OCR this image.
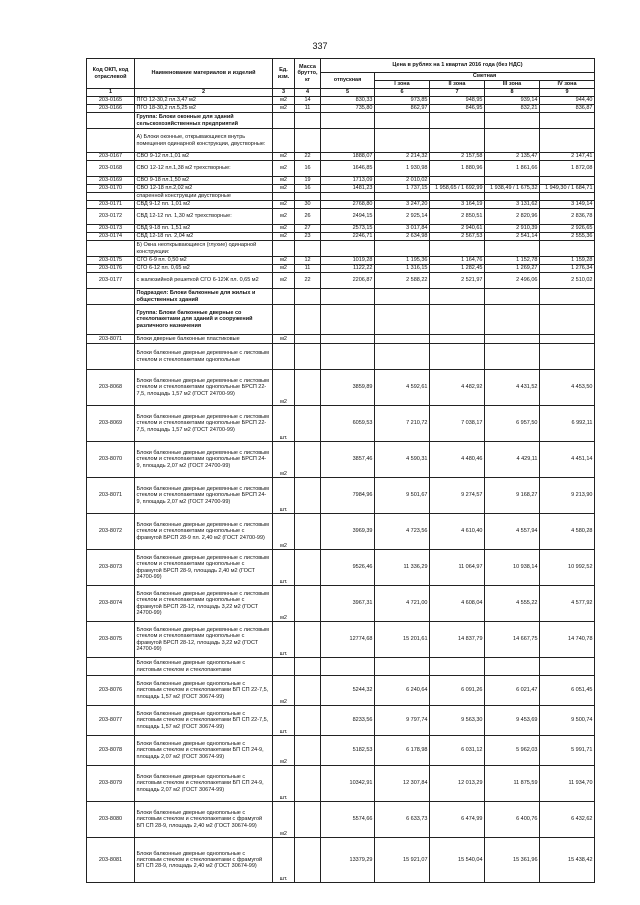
337
Код ОКП, код отраслевой	Наименование материалов и изделий	Ед. изм.	Масса брутто, кг	Цена в рублях на 1 квартал 2016 года (без НДС)				
				отпускная	Сметная			
					I зона	II зона	III зона	IV зона
1	2	3	4	5	6	7	8	9
203-0165	ПГО 12-30,2 пл.3,47 м2	м2	14	830,33	973,85	948,95	939,14	944,40
203-0166	ПГО 18-30,2 пл.5,25 м2	м2	11	735,80	862,97	846,95	832,21	836,87
	Группа: Блоки оконные для зданий сельскохозяйственных предприятий							
	А) Блоки оконные, открывающиеся внутрь помещения одинарной конструкции, двустворные:							
203-0167	СВО 9-12 пл.1,01 м2	м2	22	1888,07	2 214,32	2 157,58	2 135,47	2 147,41
203-0168	СВО 12-12 пл.1,38 м2 трехстворные:	м2	16	1646,85	1 930,98	1 880,96	1 861,66	1 872,08
203-0169	СВО 9-18 пл.1,50 м2	м2	19	1713,09	2 010,02			
203-0170	СВО 12-18 пл.2,02 м2	м2	16	1481,23	1 737,15	1 958,65 / 1 692,99	1 938,49 / 1 675,32	1 949,30 / 1 684,71
	спаренной конструкции двустворные							
203-0171	СВД 9-12 пл. 1,01 м2	м2	30	2768,80	3 247,20	3 164,19	3 131,62	3 149,14
203-0172	СВД 12-12 пл. 1,30 м2 трехстворные:	м2	26	2494,15	2 925,14	2 850,51	2 820,96	2 836,78
203-0173	СВД 9-18 пл. 1,51 м2	м2	27	2573,15	3 017,84	2 940,61	2 910,39	2 926,65
203-0174	СВД 12-18 пл. 2,04 м2	м2	23	2246,71	2 634,98	2 567,53	2 541,14	2 555,36
	Б) Окна неоткрывающиеся (глухие) одинарной конструкции:							
203-0175	СГО 6-9 пл. 0,50 м2	м2	12	1019,28	1 195,36	1 164,76	1 152,78	1 159,28
203-0176	СГО 6-12 пл. 0,65 м2	м2	11	1122,22	1 316,15	1 282,45	1 269,27	1 276,34
203-0177	с жалюзийной решеткой СГО 6-12Ж пл. 0,65 м2	м2	22	2206,87	2 588,22	2 521,97	2 496,06	2 510,02
	Подраздел: Блоки балконные для жилых и общественных зданий							
	Группа: Блоки балконные дверные со стеклопакетами для зданий и сооружений различного назначения							
203-8071	Блоки дверные балконные пластиковые	м2						
	Блоки балконные дверные деревянные с листовым стеклом и стеклопакетами однопольные							
203-8068	Блоки балконные дверные деревянные с листовым стеклом и стеклопакетами однопольные БРСП 22-7,5, площадь 1,57 м2 (ГОСТ 24700-99)	м2		3859,89	4 592,61	4 482,92	4 431,52	4 453,50
203-8069	Блоки балконные дверные деревянные с листовым стеклом и стеклопакетами однопольные БРСП 22-7,5, площадь 1,57 м2 (ГОСТ 24700-99)	шт.		6059,53	7 210,72	7 038,17	6 957,50	6 992,11
203-8070	Блоки балконные дверные деревянные с листовым стеклом и стеклопакетами однопольные БРСП 24-9, площадь 2,07 м2 (ГОСТ 24700-99)	м2		3857,46	4 590,31	4 480,46	4 429,11	4 451,14
203-8071	Блоки балконные дверные деревянные с листовым стеклом и стеклопакетами однопольные БРСП 24-9, площадь 2,07 м2 (ГОСТ 24700-99)	шт.		7984,96	9 501,67	9 274,57	9 168,27	9 213,90
203-8072	Блоки балконные дверные деревянные с листовым стеклом и стеклопакетами однопольные с фрамугой БРСП 28-9 пл. 2,40 м2 (ГОСТ 24700-99)	м2		3969,39	4 723,56	4 610,40	4 557,94	4 580,28
203-8073	Блоки балконные дверные деревянные с листовым стеклом и стеклопакетами однопольные с фрамугой БРСП 28-9, площадь 2,40 м2 (ГОСТ 24700-99)	шт.		9526,46	11 336,29	11 064,97	10 938,14	10 992,52
203-8074	Блоки балконные дверные деревянные с листовым стеклом и стеклопакетами однопольные с фрамугой БРСП 28-12, площадь 3,22 м2 (ГОСТ 24700-99)	м2		3967,31	4 721,00	4 608,04	4 555,22	4 577,92
203-8075	Блоки балконные дверные деревянные с листовым стеклом и стеклопакетами однопольные с фрамугой БРСП 28-12, площадь 3,22 м2 (ГОСТ 24700-99)	шт.		12774,68	15 201,61	14 837,79	14 667,75	14 740,78
	Блоки балконные дверные однопольные с листовым стеклом и стеклопакетами							
203-8076	Блоки балконные дверные однопольные с листовым стеклом и стеклопакетами БП СП 22-7,5, площадь 1,57 м2 (ГОСТ 30674-99)	м2		5244,32	6 240,64	6 091,26	6 021,47	6 051,45
203-8077	Блоки балконные дверные однопольные с листовым стеклом и стеклопакетами БП СП 22-7,5, площадь 1,57 м2 (ГОСТ 30674-99)	шт.		8233,56	9 797,74	9 563,30	9 453,69	9 500,74
203-8078	Блоки балконные дверные однопольные с листовым стеклом и стеклопакетами БП СП 24-9, площадь 2,07 м2 (ГОСТ 30674-99)	м2		5182,53	6 178,98	6 031,12	5 962,03	5 991,71
203-8079	Блоки балконные дверные однопольные с листовым стеклом и стеклопакетами БП СП 24-9, площадь 2,07 м2 (ГОСТ 30674-99)	шт.		10342,91	12 307,84	12 013,29	11 875,59	11 934,70
203-8080	Блоки балконные дверные однопольные с листовым стеклом и стеклопакетами с фрамугой БП СП 28-9, площадь 2,40 м2 (ГОСТ 30674-99)	м2		5574,66	6 633,73	6 474,99	6 400,76	6 432,62
203-8081	Блоки балконные дверные однопольные с листовым стеклом и стеклопакетами с фрамугой БП СП 28-9, площадь 2,40 м2 (ГОСТ 30674-99)	шт.		13379,29	15 921,07	15 540,04	15 361,96	15 438,42
